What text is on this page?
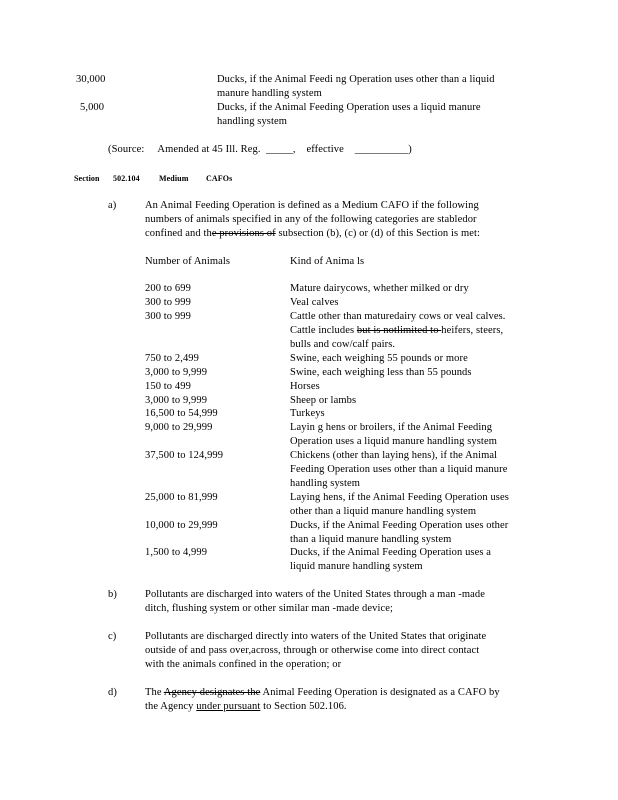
30,000	Ducks, if the Animal Feedi ng Operation uses other than a liquid
manure handling system
5,000	Ducks, if the Animal Feeding Operation uses a liquid manure
handling system
(Source: Amended at 45 Ill. Reg. _____, effective __________)
Section 502.104 Medium CAFOs
a)	An Animal Feeding Operation is defined as a Medium CAFO if the following
numbers of animals specified in any of the following categories are stabledor
confined and the provisions of subsection (b), (c) or (d) of this Section is met:
Number of Animals	Kind of Anima ls
200 to 699	Mature dairycows, whether milked or dry
300 to 999	Veal calves
300 to 999	Cattle other than maturedairy cows or veal calves.
Cattle includes but is notlimited to heifers, steers,
bulls and cow/calf pairs.
750 to 2,499	Swine, each weighing 55 pounds or more
3,000 to 9,999	Swine, each weighing less than 55 pounds
150 to 499	Horses
3,000 to 9,999	Sheep or lambs
16,500 to 54,999	Turkeys
9,000 to 29,999	Layin g hens or broilers, if the Animal Feeding
Operation uses a liquid manure handling system
37,500 to 124,999	Chickens (other than laying hens), if the Animal
Feeding Operation uses other than a liquid manure
handling system
25,000 to 81,999	Laying hens, if the Animal Feeding Operation uses
other than a liquid manure handling system
10,000 to 29,999	Ducks, if the Animal Feeding Operation uses other
than a liquid manure handling system
1,500 to 4,999	Ducks, if the Animal Feeding Operation uses a
liquid manure handling system
b)	Pollutants are discharged into waters of the United States through a man -made
ditch, flushing system or other similar man -made device;
c)	Pollutants are discharged directly into waters of the United States that originate
outside of and pass over,across, through or otherwise come into direct contact
with the animals confined in the operation; or
d)	The Agency designates the Animal Feeding Operation is designated as a CAFO by
the Agency under pursuant to Section 502.106.
